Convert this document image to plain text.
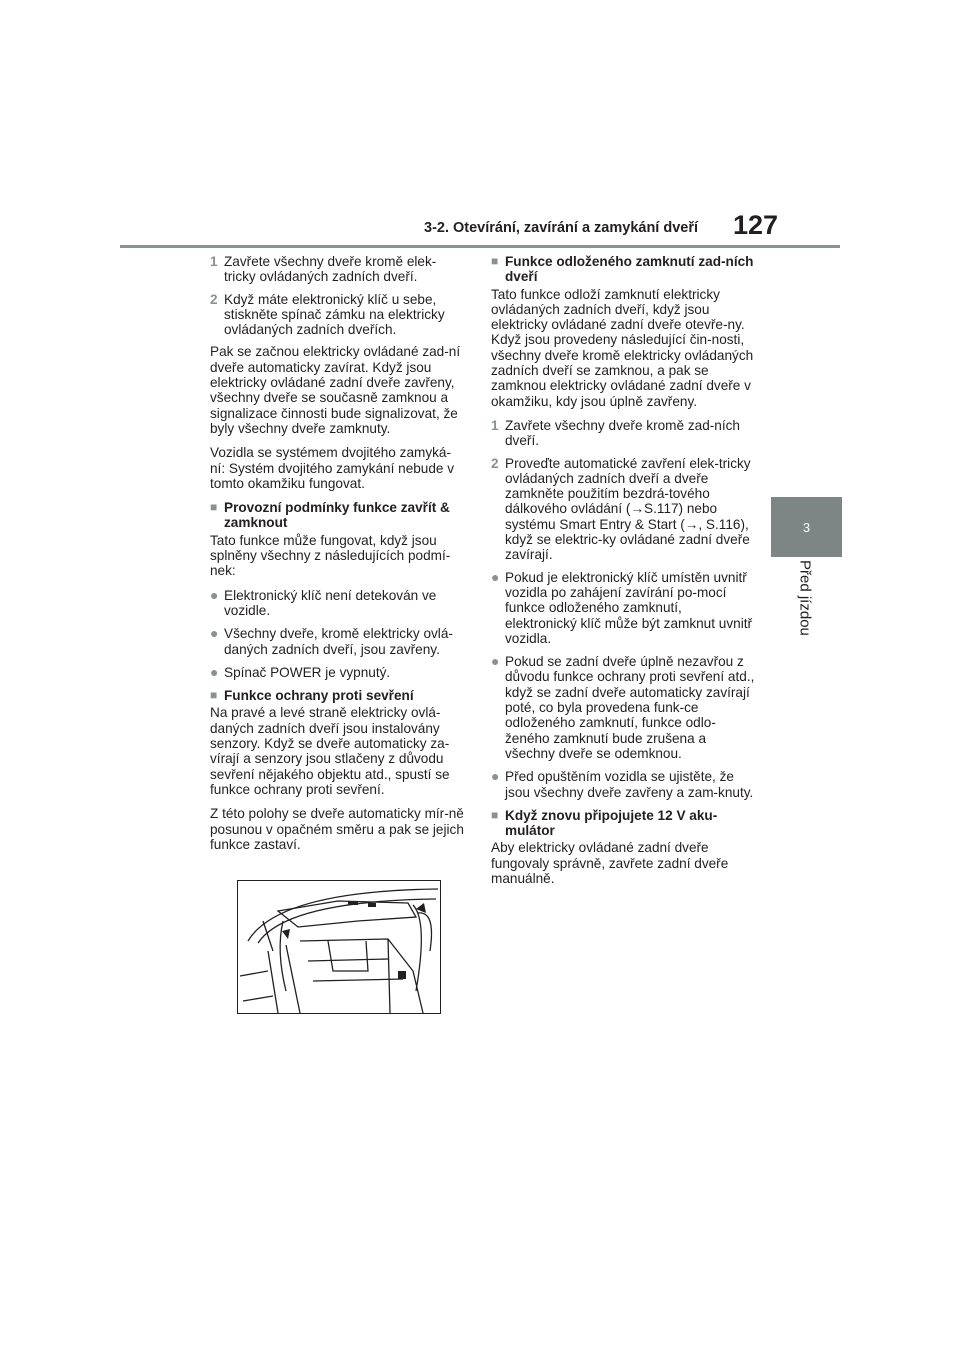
3-2. Otevírání, zavírání a zamykání dveří 127
3
Před jízdou
1 Zavřete všechny dveře kromě elek-tricky ovládaných zadních dveří.
2 Když máte elektronický klíč u sebe, stiskněte spínač zámku na elektricky ovládaných zadních dveřích.

Pak se začnou elektricky ovládané zad-ní dveře automaticky zavírat. Když jsou elektricky ovládané zadní dveře zavřeny, všechny dveře se současně zamknou a signalizace činnosti bude signalizovat, že byly všechny dveře zamknuty.

Vozidla se systémem dvojitého zamyká-ní: Systém dvojitého zamykání nebude v tomto okamžiku fungovat.

■ Provozní podmínky funkce zavřít & zamknout

Tato funkce může fungovat, když jsou splněny všechny z následujících podmí-nek:

● Elektronický klíč není detekován ve vozidle.
● Všechny dveře, kromě elektricky ovlá-daných zadních dveří, jsou zavřeny.
● Spínač POWER je vypnutý.
■ Funkce ochrany proti sevření

Na pravé a levé straně elektricky ovlá-daných zadních dveří jsou instalovány senzory. Když se dveře automaticky za-vírají a senzory jsou stlačeny z důvodu sevření nějakého objektu atd., spustí se funkce ochrany proti sevření.

Z této polohy se dveře automaticky mír-ně posunou v opačném směru a pak se jejich funkce zastaví.

■ Funkce odloženého zamknutí zad-ních dveří

Tato funkce odloží zamknutí elektricky ovládaných zadních dveří, když jsou elektricky ovládané zadní dveře otevře-ny. Když jsou provedeny následující čin-nosti, všechny dveře kromě elektricky ovládaných zadních dveří se zamknou, a pak se zamknou elektricky ovládané zadní dveře v okamžiku, kdy jsou úplně zavřeny.

1 Zavřete všechny dveře kromě zad-ních dveří.
2 Proveďte automatické zavření elek-tricky ovládaných zadních dveří a dveře zamkněte použitím bezdrá-tového dálkového ovládání (→S.117) nebo systému Smart Entry & Start (→, S.116), když se elektric-ky ovládané zadní dveře zavírají.
● Pokud je elektronický klíč umístěn uvnitř vozidla po zahájení zavírání po-mocí funkce odloženého zamknutí, elektronický klíč může být zamknut uvnitř vozidla.
● Pokud se zadní dveře úplně nezavřou z důvodu funkce ochrany proti sevření atd., když se zadní dveře automaticky zavírají poté, co byla provedena funk-ce odloženého zamknutí, funkce odlo-ženého zamknutí bude zrušena a všechny dveře se odemknou.
● Před opuštěním vozidla se ujistěte, že jsou všechny dveře zavřeny a zam-knuty.
■ Když znovu připojujete 12 V aku-mulátor

Aby elektricky ovládané zadní dveře fungovaly správně, zavřete zadní dveře manuálně.
